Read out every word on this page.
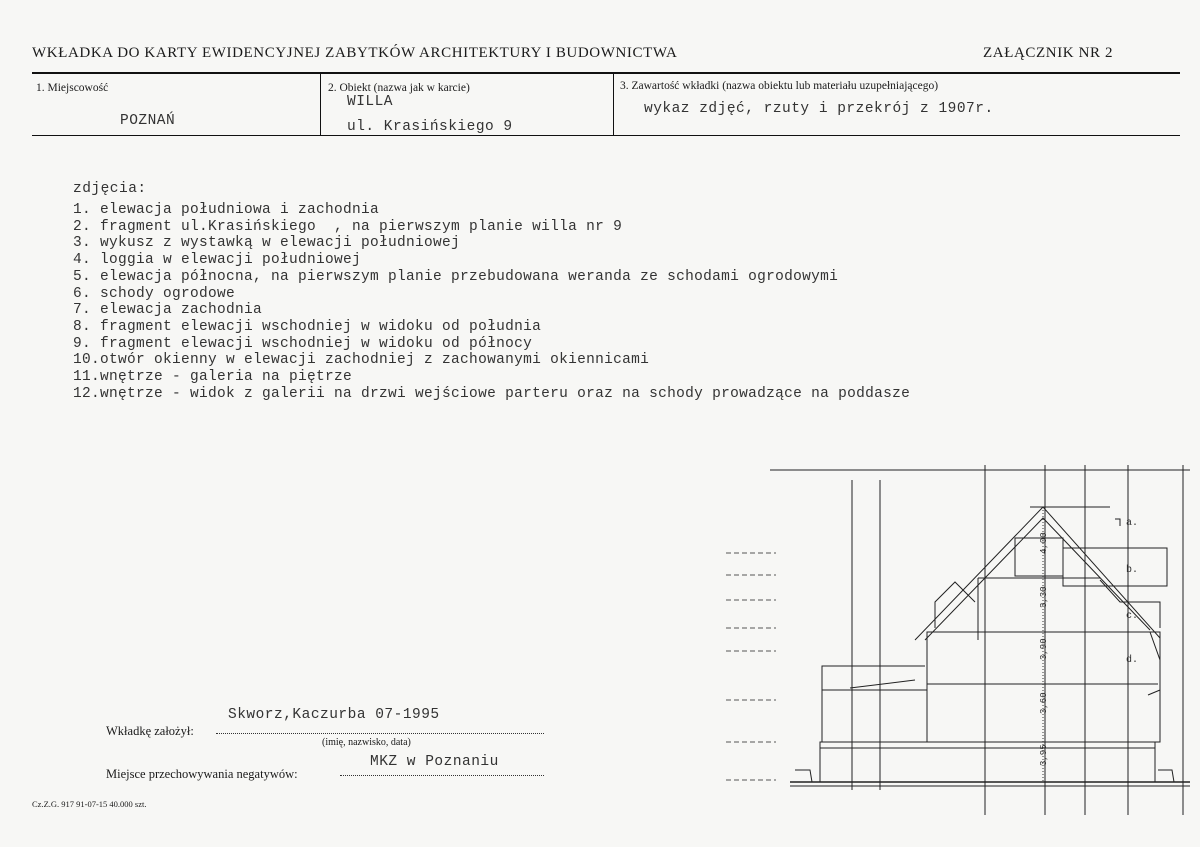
WKŁADKA DO KARTY EWIDENCYJNEJ ZABYTKÓW ARCHITEKTURY I BUDOWNICTWA	ZAŁĄCZNIK NR 2
1. Miejscowość
POZNAŃ
2. Obiekt (nazwa jak w karcie)
WILLA
ul. Krasińskiego 9
3. Zawartość wkładki (nazwa obiektu lub materiału uzupełniającego)
wykaz zdjęć, rzuty i przekrój z 1907r.
zdjęcia:
1. elewacja południowa i zachodnia
2. fragment ul.Krasińskiego  , na pierwszym planie willa nr 9
3. wykusz z wystawką w elewacji południowej
4. loggia w elewacji południowej
5. elewacja północna, na pierwszym planie przebudowana weranda ze schodami ogrodowymi
6. schody ogrodowe
7. elewacja zachodnia
8. fragment elewacji wschodniej w widoku od południa
9. fragment elewacji wschodniej w widoku od północy
10.otwór okienny w elewacji zachodniej z zachowanymi okiennicami
11.wnętrze - galeria na piętrze
12.wnętrze - widok z galerii na drzwi wejściowe parteru oraz na schody prowadzące na poddasze
Skworz,Kaczurba 07-1995
Wkładkę założył:
(imię, nazwisko, data)
MKZ w Poznaniu
Miejsce przechowywania negatywów:
Cz.Z.G. 917 91-07-15 40.000 szt.
4,00
3,30
3,90
3,60
3,95
a.
b.
c.
d.
